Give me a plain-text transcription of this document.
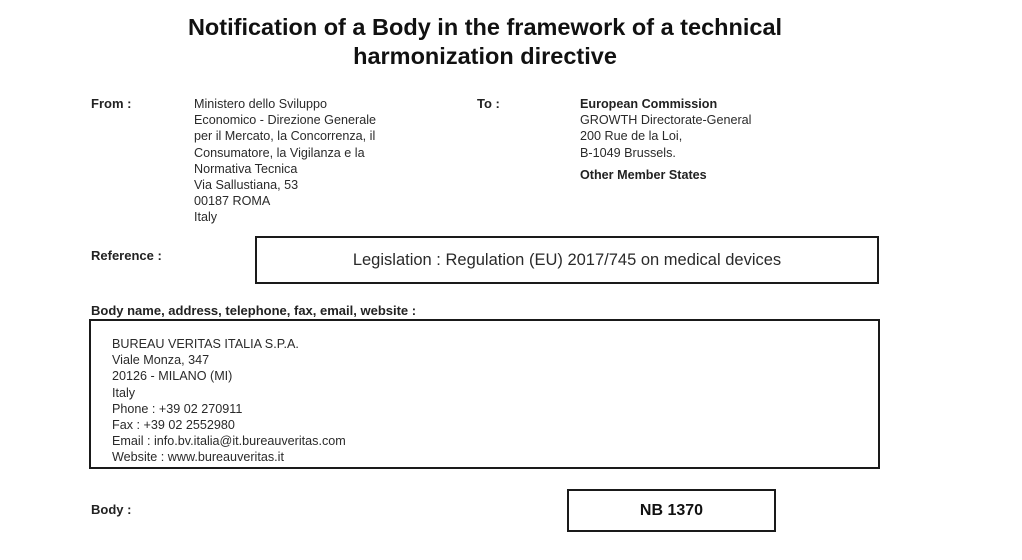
Notification of a Body in the framework of a technical
harmonization directive
From :	Ministero dello Sviluppo
Economico - Direzione Generale
per il Mercato, la Concorrenza, il
Consumatore, la Vigilanza e la
Normativa Tecnica
Via Sallustiana, 53
00187 ROMA
Italy
To :	European Commission
GROWTH Directorate-General
200 Rue de la Loi,
B-1049 Brussels.
Other Member States
Reference :	Legislation : Regulation (EU) 2017/745 on medical devices
Body name, address, telephone, fax, email, website :
BUREAU VERITAS ITALIA S.P.A.
Viale Monza, 347
20126 - MILANO (MI)
Italy
Phone : +39 02 270911
Fax : +39 02 2552980
Email : info.bv.italia@it.bureauveritas.com
Website : www.bureauveritas.it
Body :	NB 1370
